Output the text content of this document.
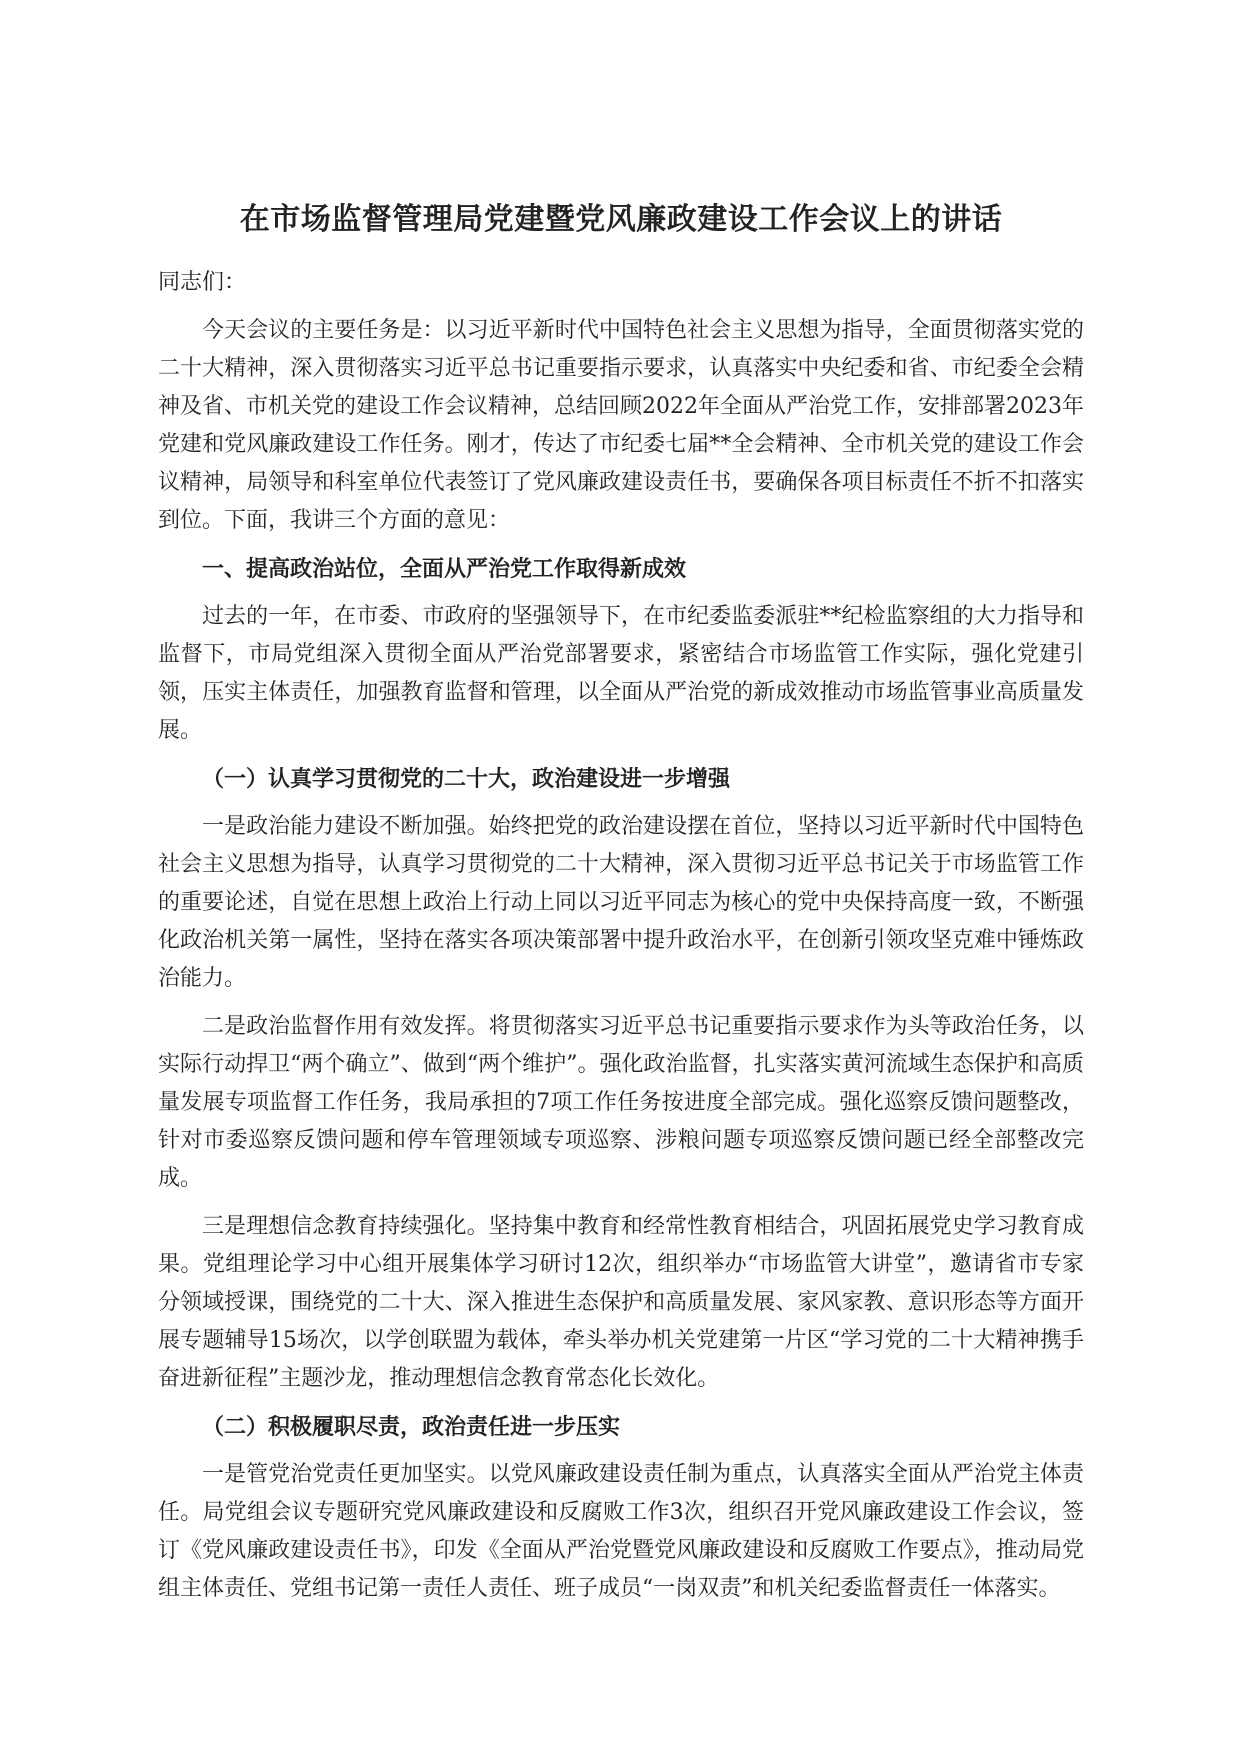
在市场监督管理局党建暨党风廉政建设工作会议上的讲话
同志们：
今天会议的主要任务是：以习近平新时代中国特色社会主义思想为指导，全面贯彻落实党的二十大精神，深入贯彻落实习近平总书记重要指示要求，认真落实中央纪委和省、市纪委全会精神及省、市机关党的建设工作会议精神，总结回顾2022年全面从严治党工作，安排部署2023年党建和党风廉政建设工作任务。刚才，传达了市纪委七届**全会精神、全市机关党的建设工作会议精神，局领导和科室单位代表签订了党风廉政建设责任书，要确保各项目标责任不折不扣落实到位。下面，我讲三个方面的意见：
一、提高政治站位，全面从严治党工作取得新成效
过去的一年，在市委、市政府的坚强领导下，在市纪委监委派驻**纪检监察组的大力指导和监督下，市局党组深入贯彻全面从严治党部署要求，紧密结合市场监管工作实际，强化党建引领，压实主体责任，加强教育监督和管理，以全面从严治党的新成效推动市场监管事业高质量发展。
（一）认真学习贯彻党的二十大，政治建设进一步增强
一是政治能力建设不断加强。始终把党的政治建设摆在首位，坚持以习近平新时代中国特色社会主义思想为指导，认真学习贯彻党的二十大精神，深入贯彻习近平总书记关于市场监管工作的重要论述，自觉在思想上政治上行动上同以习近平同志为核心的党中央保持高度一致，不断强化政治机关第一属性，坚持在落实各项决策部署中提升政治水平，在创新引领攻坚克难中锤炼政治能力。
二是政治监督作用有效发挥。将贯彻落实习近平总书记重要指示要求作为头等政治任务，以实际行动捍卫“两个确立”、做到“两个维护”。强化政治监督，扎实落实黄河流域生态保护和高质量发展专项监督工作任务，我局承担的7项工作任务按进度全部完成。强化巡察反馈问题整改，针对市委巡察反馈问题和停车管理领域专项巡察、涉粮问题专项巡察反馈问题已经全部整改完成。
三是理想信念教育持续强化。坚持集中教育和经常性教育相结合，巩固拓展党史学习教育成果。党组理论学习中心组开展集体学习研讨12次，组织举办“市场监管大讲堂”，邀请省市专家分领域授课，围绕党的二十大、深入推进生态保护和高质量发展、家风家教、意识形态等方面开展专题辅导15场次，以学创联盟为载体，牵头举办机关党建第一片区“学习党的二十大精神携手奋进新征程”主题沙龙，推动理想信念教育常态化长效化。
（二）积极履职尽责，政治责任进一步压实
一是管党治党责任更加坚实。以党风廉政建设责任制为重点，认真落实全面从严治党主体责任。局党组会议专题研究党风廉政建设和反腐败工作3次，组织召开党风廉政建设工作会议，签订《党风廉政建设责任书》，印发《全面从严治党暨党风廉政建设和反腐败工作要点》，推动局党组主体责任、党组书记第一责任人责任、班子成员“一岗双责”和机关纪委监督责任一体落实。
